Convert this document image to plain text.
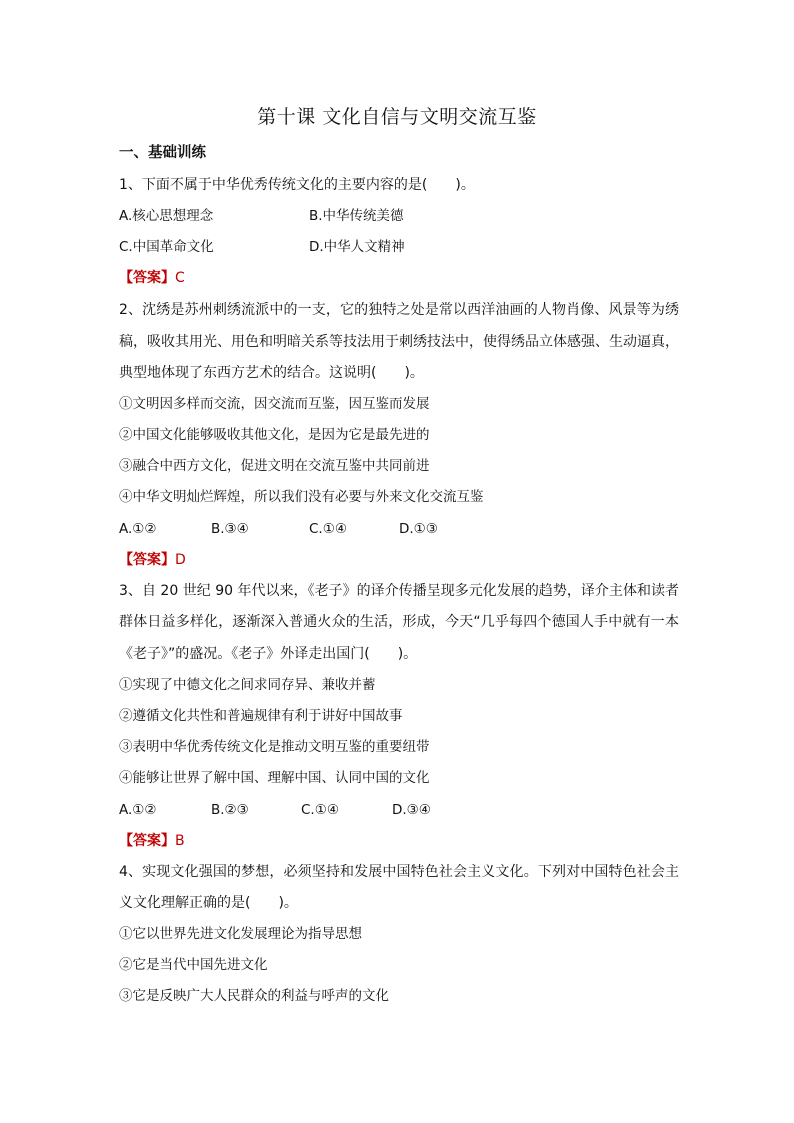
第十课 文化自信与文明交流互鉴
一、基础训练
1、下面不属于中华优秀传统文化的主要内容的是(　　)。
A.核心思想理念	B.中华传统美德
C.中国革命文化	D.中华人文精神
【答案】C
2、沈绣是苏州刺绣流派中的一支，它的独特之处是常以西洋油画的人物肖像、风景等为绣
稿，吸收其用光、用色和明暗关系等技法用于刺绣技法中，使得绣品立体感强、生动逼真，
典型地体现了东西方艺术的结合。这说明(　　)。
①文明因多样而交流，因交流而互鉴，因互鉴而发展
②中国文化能够吸收其他文化，是因为它是最先进的
③融合中西方文化，促进文明在交流互鉴中共同前进
④中华文明灿烂辉煌，所以我们没有必要与外来文化交流互鉴
A.①②	B.③④	C.①④	D.①③
【答案】D
3、自 20 世纪 90 年代以来，《老子》的译介传播呈现多元化发展的趋势，译介主体和读者
群体日益多样化，逐渐深入普通火众的生活，形成，今天“几乎每四个德国人手中就有一本
《老子》”的盛况。《老子》外译走出国门(　　)。
①实现了中德文化之间求同存异、兼收并蓄
②遵循文化共性和普遍规律有利于讲好中国故事
③表明中华优秀传统文化是推动文明互鉴的重要纽带
④能够让世界了解中国、理解中国、认同中国的文化
A.①②	B.②③	C.①④	D.③④
【答案】B
4、实现文化强国的梦想，必须坚持和发展中国特色社会主义文化。下列对中国特色社会主
义文化理解正确的是(　　)。
①它以世界先进文化发展理论为指导思想
②它是当代中国先进文化
③它是反映广大人民群众的利益与呼声的文化
